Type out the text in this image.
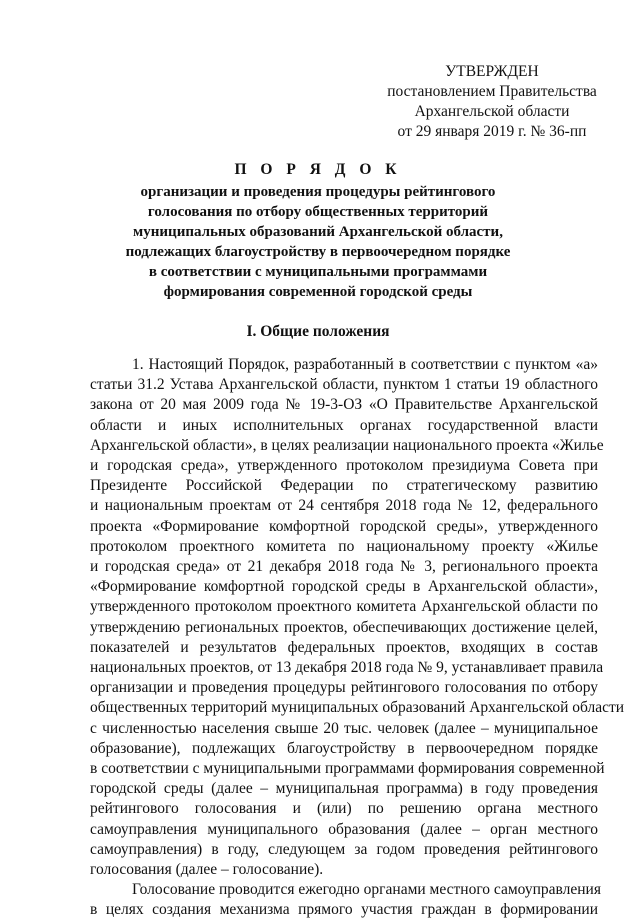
УТВЕРЖДЕН
постановлением Правительства
Архангельской области
от 29 января 2019 г. № 36-пп
П О Р Я Д О К
организации и проведения процедуры рейтингового
голосования по отбору общественных территорий
муниципальных образований Архангельской области,
подлежащих благоустройству в первоочередном порядке
в соответствии с муниципальными программами
формирования современной городской среды
I. Общие положения
1. Настоящий Порядок, разработанный в соответствии с пунктом «а»
статьи 31.2 Устава Архангельской области, пунктом 1 статьи 19 областного
закона от 20 мая 2009 года № 19-3-ОЗ «О Правительстве Архангельской
области и иных исполнительных органах государственной власти
Архангельской области», в целях реализации национального проекта «Жилье
и городская среда», утвержденного протоколом президиума Совета при
Президенте Российской Федерации по стратегическому развитию
и национальным проектам от 24 сентября 2018 года № 12, федерального
проекта «Формирование комфортной городской среды», утвержденного
протоколом проектного комитета по национальному проекту «Жилье
и городская среда» от 21 декабря 2018 года № 3, регионального проекта
«Формирование комфортной городской среды в Архангельской области»,
утвержденного протоколом проектного комитета Архангельской области по
утверждению региональных проектов, обеспечивающих достижение целей,
показателей и результатов федеральных проектов, входящих в состав
национальных проектов, от 13 декабря 2018 года № 9, устанавливает правила
организации и проведения процедуры рейтингового голосования по отбору
общественных территорий муниципальных образований Архангельской области
с численностью населения свыше 20 тыс. человек (далее – муниципальное
образование), подлежащих благоустройству в первоочередном порядке
в соответствии с муниципальными программами формирования современной
городской среды (далее – муниципальная программа) в году проведения
рейтингового голосования и (или) по решению органа местного
самоуправления муниципального образования (далее – орган местного
самоуправления) в году, следующем за годом проведения рейтингового
голосования (далее – голосование).
Голосование проводится ежегодно органами местного самоуправления
в целях создания механизма прямого участия граждан в формировании
